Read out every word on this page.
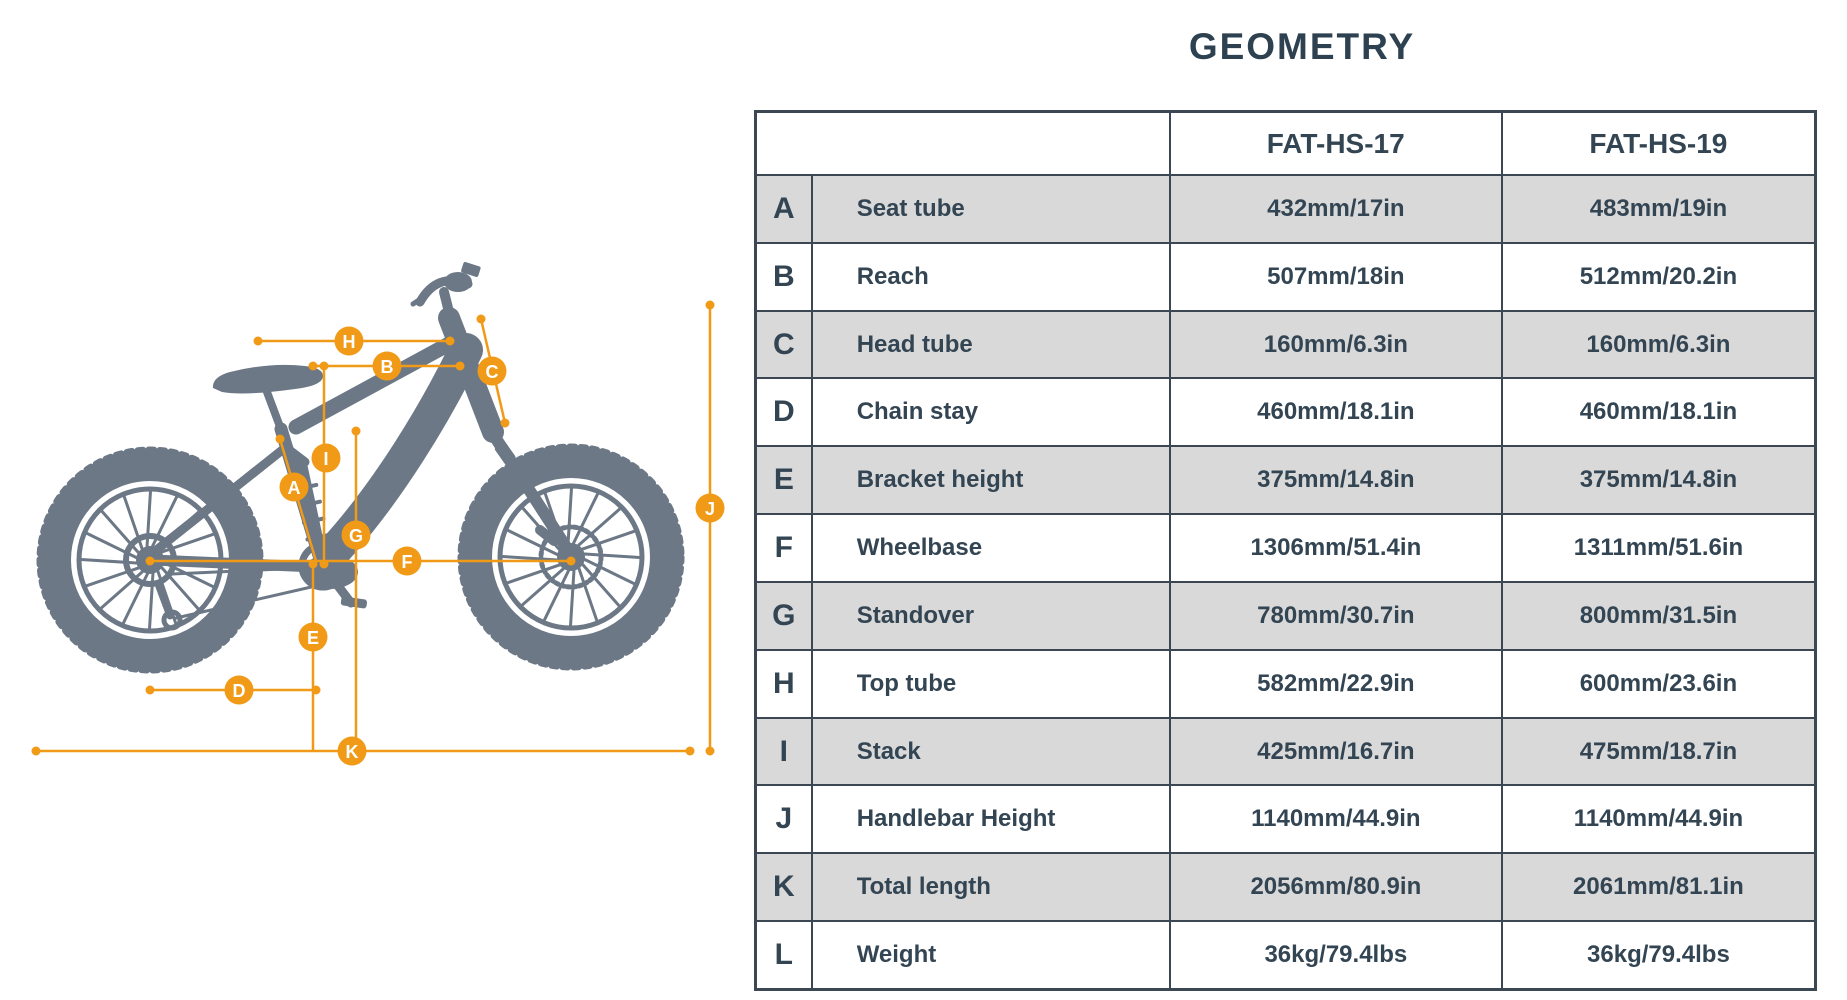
A
B	C
D
E
F
G
H
I
J
K
GEOMETRY
FAT-HS-17	FAT-HS-19
A	Seat tube	432mm/17in	483mm/19in
B	Reach	507mm/18in	512mm/20.2in
C	Head tube	160mm/6.3in	160mm/6.3in
D	Chain stay	460mm/18.1in	460mm/18.1in
E	Bracket height	375mm/14.8in	375mm/14.8in
F	Wheelbase	1306mm/51.4in	1311mm/51.6in
G	Standover	780mm/30.7in	800mm/31.5in
H	Top tube	582mm/22.9in	600mm/23.6in
I	Stack	425mm/16.7in	475mm/18.7in
J	Handlebar Height	1140mm/44.9in	1140mm/44.9in
K	Total length	2056mm/80.9in	2061mm/81.1in
L	Weight	36kg/79.4lbs	36kg/79.4lbs
